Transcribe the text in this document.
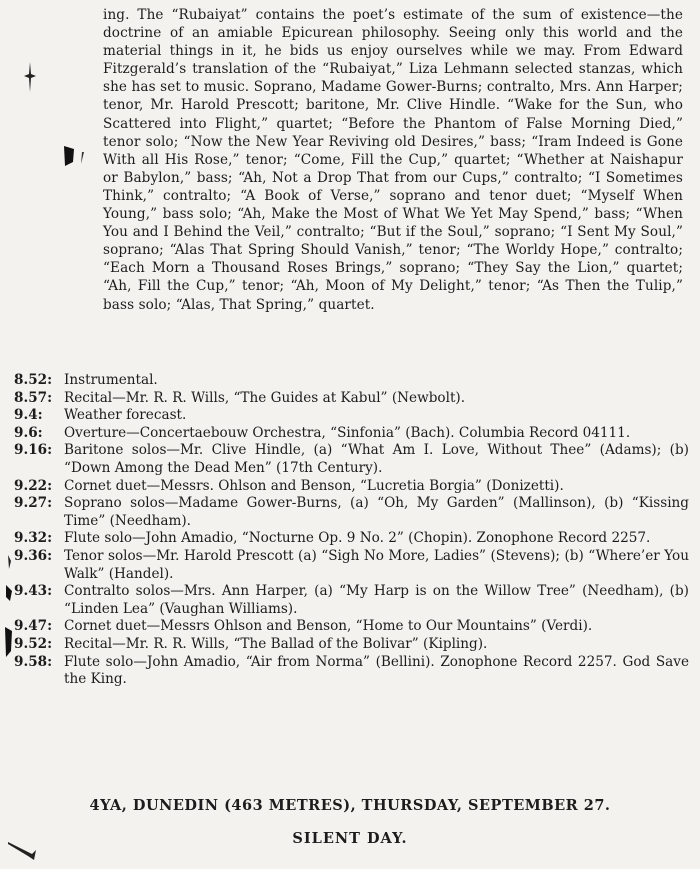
ing. The “Rubaiyat” contains the poet’s estimate of the sum of existence—the doctrine of an amiable Epicurean philosophy. Seeing only this world and the material things in it, he bids us enjoy ourselves while we may. From Edward Fitzgerald’s translation of the “Rubaiyat,” Liza Lehmann selected stanzas, which she has set to music. Soprano, Madame Gower-Burns; contralto, Mrs. Ann Harper; tenor, Mr. Harold Prescott; baritone, Mr. Clive Hindle. “Wake for the Sun, who Scattered into Flight,” quartet; “Before the Phantom of False Morning Died,” tenor solo; “Now the New Year Reviving old Desires,” bass; “Iram Indeed is Gone With all His Rose,” tenor; “Come, Fill the Cup,” quartet; “Whether at Naishapur or Babylon,” bass; “Ah, Not a Drop That from our Cups,” contralto; “I Sometimes Think,” contralto; “A Book of Verse,” soprano and tenor duet; “Myself When Young,” bass solo; “Ah, Make the Most of What We Yet May Spend,” bass; “When You and I Behind the Veil,” contralto; “But if the Soul,” soprano; “I Sent My Soul,” soprano; “Alas That Spring Should Vanish,” tenor; “The Worldy Hope,” contralto; “Each Morn a Thousand Roses Brings,” soprano; “They Say the Lion,” quartet; “Ah, Fill the Cup,” tenor; “Ah, Moon of My Delight,” tenor; “As Then the Tulip,” bass solo; “Alas, That Spring,” quartet.
8.52: Instrumental.
8.57: Recital—Mr. R. R. Wills, “The Guides at Kabul” (Newbolt).
9.4:	Weather forecast.
9.6:	Overture—Concertaebouw Orchestra, “Sinfonia” (Bach). Columbia Record 04111.
9.16: Baritone solos—Mr. Clive Hindle, (a) “What Am I. Love, Without Thee” (Adams); (b) “Down Among the Dead Men” (17th Century).
9.22: Cornet duet—Messrs. Ohlson and Benson, “Lucretia Borgia” (Donizetti).
9.27: Soprano solos—Madame Gower-Burns, (a) “Oh, My Garden” (Mallinson), (b) “Kissing Time” (Needham).
9.32: Flute solo—John Amadio, “Nocturne Op. 9 No. 2” (Chopin). Zonophone Record 2257.
9.36: Tenor solos—Mr. Harold Prescott (a) “Sigh No More, Ladies” (Stevens); (b) “Where’er You Walk” (Handel).
9.43: Contralto solos—Mrs. Ann Harper, (a) “My Harp is on the Willow Tree” (Needham), (b) “Linden Lea” (Vaughan Williams).
9.47: Cornet duet—Messrs Ohlson and Benson, “Home to Our Mountains” (Verdi).
9.52: Recital—Mr. R. R. Wills, “The Ballad of the Bolivar” (Kipling).
9.58: Flute solo—John Amadio, “Air from Norma” (Bellini). Zonophone Record 2257. God Save the King.
4YA, DUNEDIN (463 METRES), THURSDAY, SEPTEMBER 27.
SILENT DAY.
